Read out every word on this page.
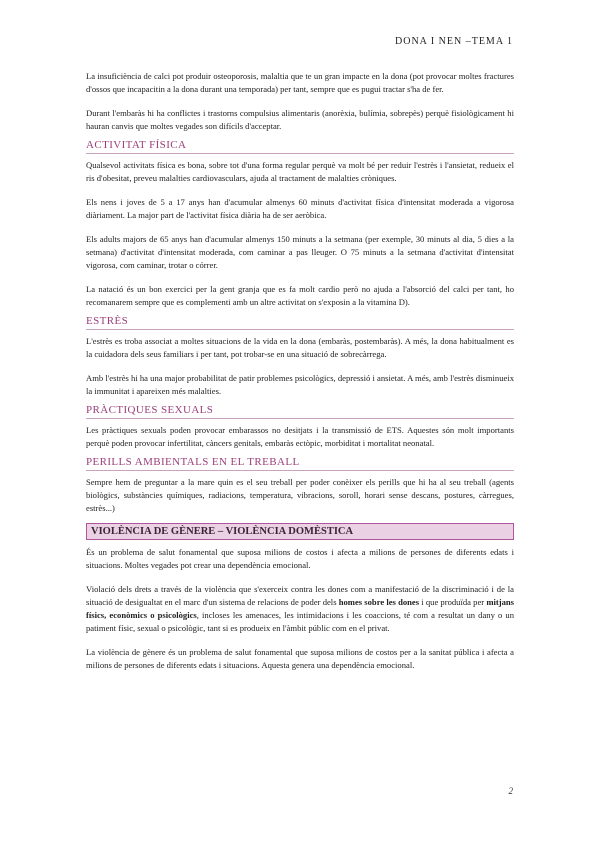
DONA I NEN –TEMA 1

La insuficiència de calci pot produir osteoporosis, malaltia que te un gran impacte en la dona (pot provocar moltes fractures d'ossos que incapacitin a la dona durant una temporada) per tant, sempre que es pugui tractar s'ha de fer.

Durant l'embaràs hi ha conflictes i trastorns compulsius alimentaris (anorèxia, bulímia, sobrepès) perquè fisiològicament hi hauran canvis que moltes vegades son difícils d'acceptar.

ACTIVITAT FÍSICA

Qualsevol activitats física es bona, sobre tot d'una forma regular perquè va molt bé per reduir l'estrès i l'ansietat, redueix el ris d'obesitat, preveu malalties cardiovasculars, ajuda al tractament de malalties cròniques.

Els nens i joves de 5 a 17 anys han d'acumular almenys 60 minuts d'activitat física d'intensitat moderada a vigorosa diàriament. La major part de l'activitat física diària ha de ser aeròbica.

Els adults majors de 65 anys han d'acumular almenys 150 minuts a la setmana (per exemple, 30 minuts al dia, 5 dies a la setmana) d'activitat d'intensitat moderada, com caminar a pas lleuger. O 75 minuts a la setmana d'activitat d'intensitat vigorosa, com caminar, trotar o córrer.

La natació és un bon exercici per la gent granja que es fa molt cardio però no ajuda a l'absorció del calci per tant, ho recomanarem sempre que es complementi amb un altre activitat on s'exposin a la vitamina D).

ESTRÈS

L'estrès es troba associat a moltes situacions de la vida en la dona (embaràs, postembaràs). A més, la dona habitualment es la cuidadora dels seus familiars i per tant, pot trobar-se en una situació de sobrecàrrega.

Amb l'estrès hi ha una major probabilitat de patir problemes psicològics, depressió i ansietat. A més, amb l'estrès disminueix la immunitat i apareixen més malalties.

PRÀCTIQUES SEXUALS

Les pràctiques sexuals poden provocar embarassos no desitjats i la transmissió de ETS. Aquestes són molt importants perquè poden provocar infertilitat, càncers genitals, embaràs ectòpic, morbiditat i mortalitat neonatal.

PERILLS AMBIENTALS EN EL TREBALL

Sempre hem de preguntar a la mare quin es el seu treball per poder conèixer els perills que hi ha al seu treball (agents biològics, substàncies químiques, radiacions, temperatura, vibracions, soroll, horari sense descans, postures, càrregues, estrès...)

VIOLÈNCIA DE GÈNERE – VIOLÈNCIA DOMÈSTICA

És un problema de salut fonamental que suposa milions de costos i afecta a milions de persones de diferents edats i situacions. Moltes vegades pot crear una dependència emocional.

Violació dels drets a través de la violència que s'exerceix contra les dones com a manifestació de la discriminació i de la situació de desigualtat en el marc d'un sistema de relacions de poder dels homes sobre les dones i que produïda per mitjans físics, econòmics o psicològics, incloses les amenaces, les intimidacions i les coaccions, té com a resultat un dany o un patiment físic, sexual o psicològic, tant si es produeix en l'àmbit públic com en el privat.

La violència de gènere és un problema de salut fonamental que suposa milions de costos per a la sanitat pública i afecta a milions de persones de diferents edats i situacions. Aquesta genera una dependència emocional.

2
